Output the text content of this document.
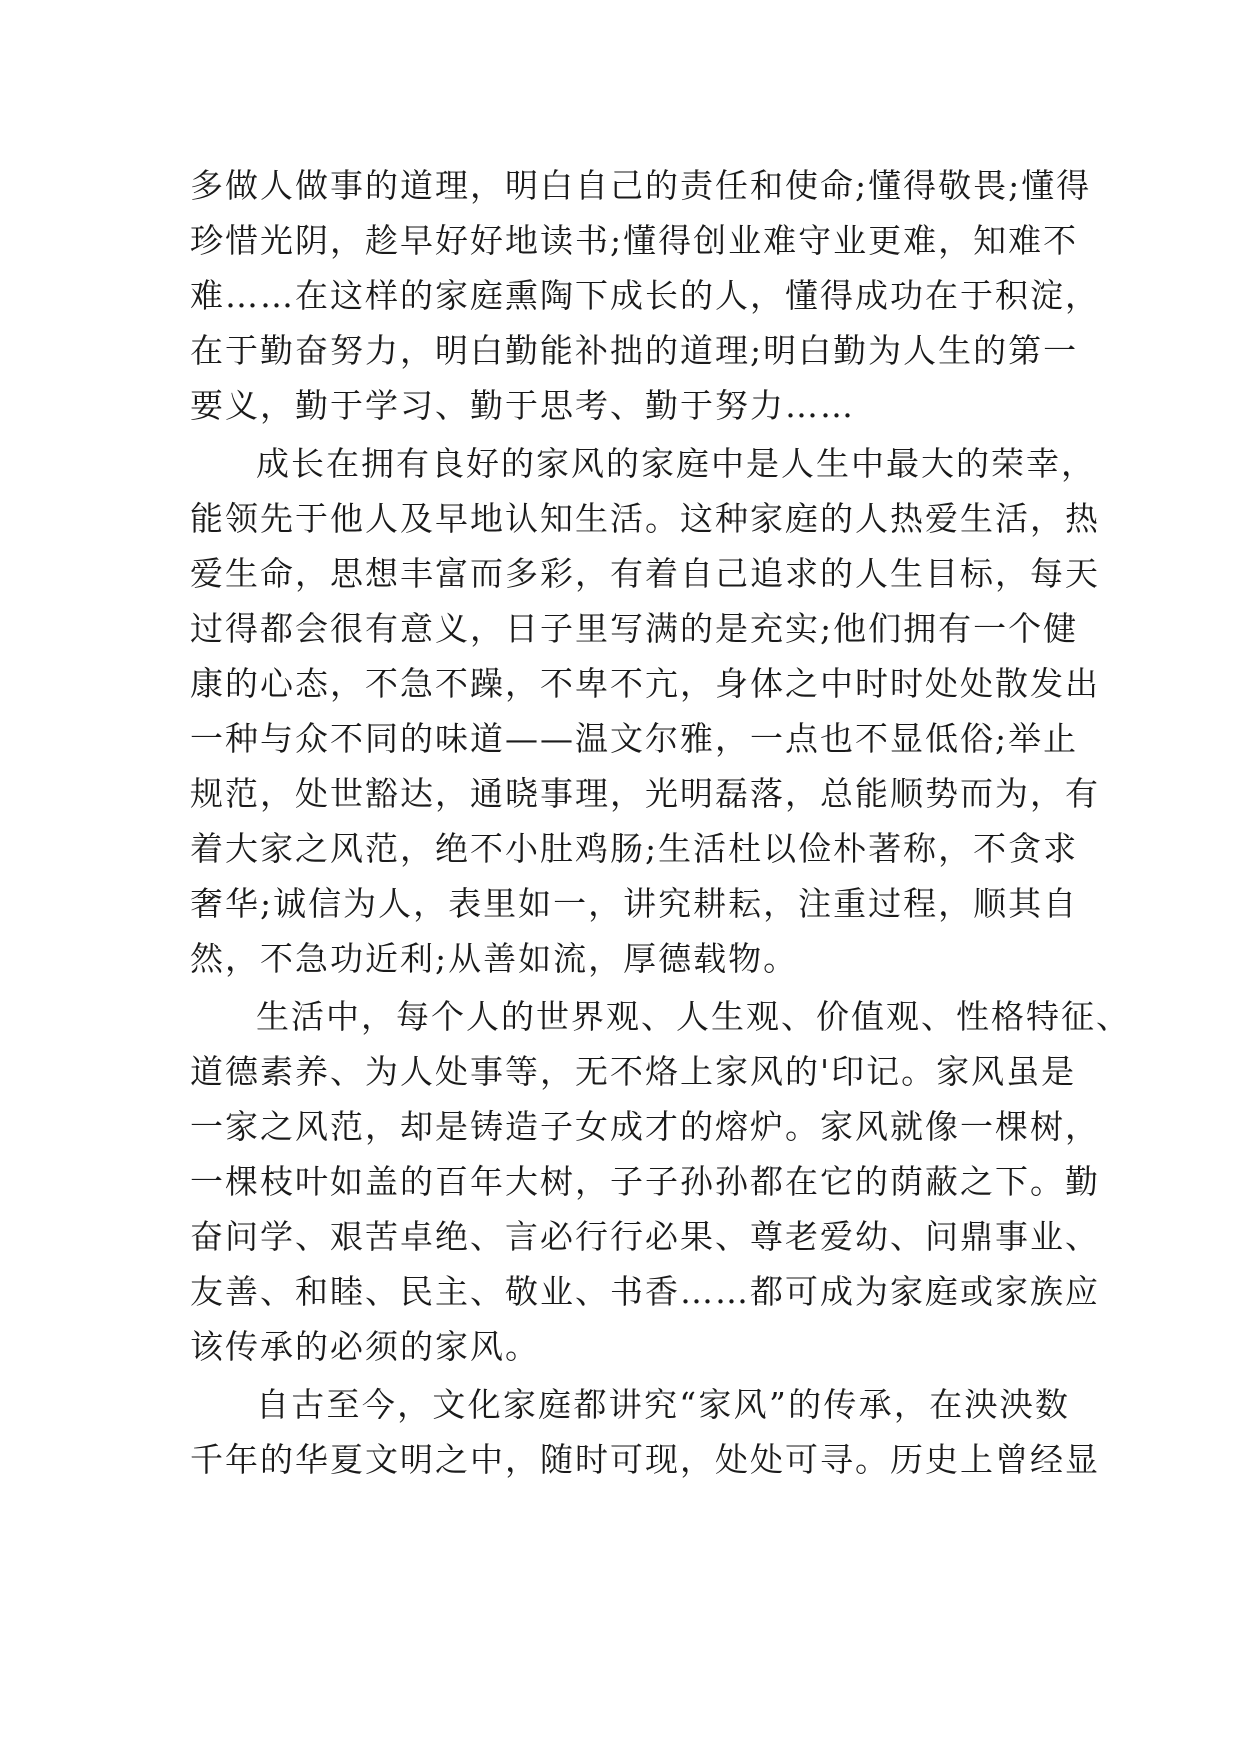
多做人做事的道理，明白自己的责任和使命;懂得敬畏;懂得
珍惜光阴，趁早好好地读书;懂得创业难守业更难，知难不
难……在这样的家庭熏陶下成长的人，懂得成功在于积淀，
在于勤奋努力，明白勤能补拙的道理;明白勤为人生的第一
要义，勤于学习、勤于思考、勤于努力……
成长在拥有良好的家风的家庭中是人生中最大的荣幸，
能领先于他人及早地认知生活。这种家庭的人热爱生活，热
爱生命，思想丰富而多彩，有着自己追求的人生目标，每天
过得都会很有意义，日子里写满的是充实;他们拥有一个健
康的心态，不急不躁，不卑不亢，身体之中时时处处散发出
一种与众不同的味道——温文尔雅，一点也不显低俗;举止
规范，处世豁达，通晓事理，光明磊落，总能顺势而为，有
着大家之风范，绝不小肚鸡肠;生活杜以俭朴著称，不贪求
奢华;诚信为人，表里如一，讲究耕耘，注重过程，顺其自
然，不急功近利;从善如流，厚德载物。
生活中，每个人的世界观、人生观、价值观、性格特征、
道德素养、为人处事等，无不烙上家风的'印记。家风虽是
一家之风范，却是铸造子女成才的熔炉。家风就像一棵树，
一棵枝叶如盖的百年大树，子子孙孙都在它的荫蔽之下。勤
奋问学、艰苦卓绝、言必行行必果、尊老爱幼、问鼎事业、
友善、和睦、民主、敬业、书香……都可成为家庭或家族应
该传承的必须的家风。
自古至今，文化家庭都讲究“家风”的传承，在泱泱数
千年的华夏文明之中，随时可现，处处可寻。历史上曾经显
